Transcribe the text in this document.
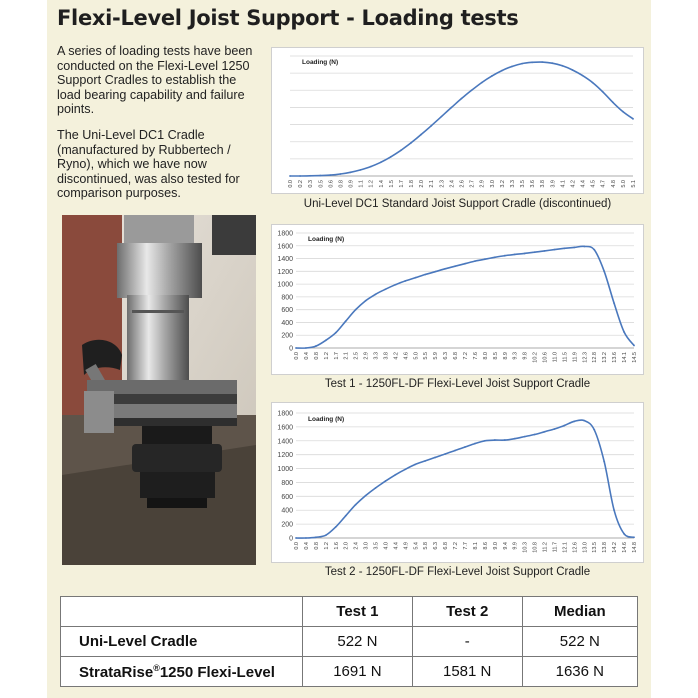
Flexi-Level Joist Support - Loading tests

A series of loading tests have been conducted on the Flexi-Level 1250 Support Cradles to establish the load bearing capability and failure points.

The Uni-Level DC1 Cradle (manufactured by Rubbertech / Ryno), which we have now discontinued, was also tested for comparison purposes.

0.0 0.2 0.3 0.5 0.6 0.8 0.9 1.1 1.2 1.4 1.5 1.7 1.8 2.0 2.1 2.3 2.4 2.6 2.7 2.9 3.0 3.2 3.3 3.5 3.6 3.8 3.9 4.1 4.2 4.4 4.5 4.7 4.8 5.0 5.1
Loading (N)
Uni-Level DC1 Standard Joist Support Cradle (discontinued)
0
200
400
600
800
1000
1200
1400
1600
1800
0.0 0.4 0.8 1.2 1.7 2.1 2.5 2.9 3.3 3.8 4.2 4.6 5.0 5.5 5.9 6.3 6.8 7.2 7.6 8.0 8.5 8.9 9.3 9.8 10.2 10.6 11.0 11.5 11.9 12.3 12.8 13.2 13.6 14.1 14.5
Loading (N)
Test 1 - 1250FL-DF Flexi-Level Joist Support Cradle
0
200
400
600
800
1000
1200
1400
1600
1800
0.0 0.4 0.8 1.2 1.6 2.0 2.4 3.0 3.5 4.0 4.4 4.9 5.4 5.8 6.3 6.8 7.2 7.7 8.1 8.6 9.0 9.4 9.9 10.3 10.8 11.2 11.7 12.1 12.6 13.0 13.5 13.8 14.2 14.6 14.8
Loading (N)
Test 2 - 1250FL-DF Flexi-Level Joist Support Cradle
	Test 1	Test 2	Median
Uni-Level Cradle	522 N	-	522 N
StrataRise®1250 Flexi-Level	1691 N	1581 N	1636 N
